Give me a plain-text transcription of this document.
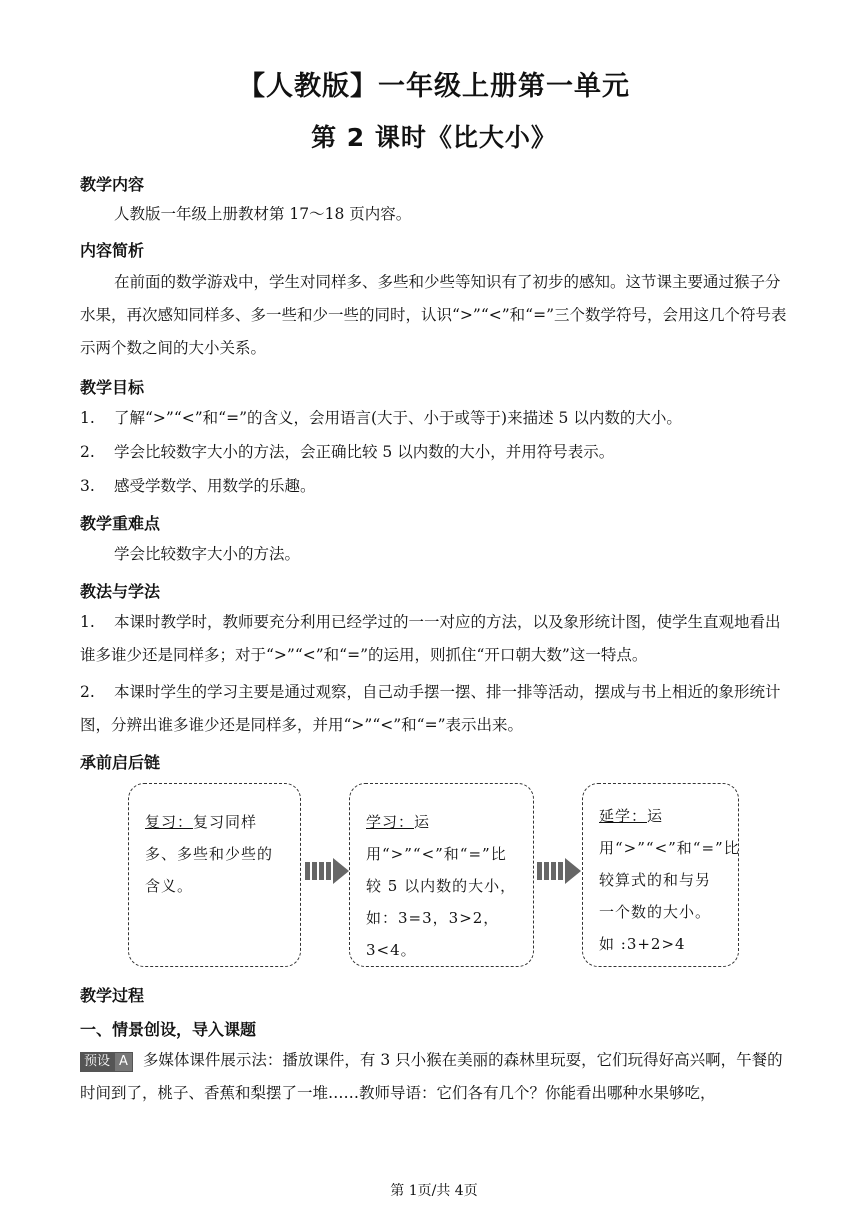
【人教版】一年级上册第一单元
第 2 课时《比大小》
教学内容
人教版一年级上册教材第 17～18 页内容。
内容简析
在前面的数学游戏中，学生对同样多、多些和少些等知识有了初步的感知。这节课主要通过猴子分水果，再次感知同样多、多一些和少一些的同时，认识“>”“<”和“=”三个数学符号，会用这几个符号表示两个数之间的大小关系。
教学目标
1. 了解“>”“<”和“=”的含义，会用语言(大于、小于或等于)来描述 5 以内数的大小。
2. 学会比较数字大小的方法，会正确比较 5 以内数的大小，并用符号表示。
3. 感受学数学、用数学的乐趣。
教学重难点
学会比较数字大小的方法。
教法与学法
1. 本课时教学时，教师要充分利用已经学过的一一对应的方法，以及象形统计图，使学生直观地看出谁多谁少还是同样多；对于“>”“<”和“=”的运用，则抓住“开口朝大数”这一特点。
2. 本课时学生的学习主要是通过观察，自己动手摆一摆、排一排等活动，摆成与书上相近的象形统计图，分辨出谁多谁少还是同样多，并用“>”“<”和“=”表示出来。
承前启后链
复习：复习同样多、多些和少些的含义。
学习：运用“>”“<”和“=”比较 5 以内数的大小，如：3=3，3>2，3<4。
延学：运用“>”“<”和“=”比较算式的和与另一个数的大小。如 :3+2>4
教学过程
一、情景创设，导入课题
预设 A 多媒体课件展示法：播放课件，有 3 只小猴在美丽的森林里玩耍，它们玩得好高兴啊，午餐的时间到了，桃子、香蕉和梨摆了一堆……教师导语：它们各有几个？你能看出哪种水果够吃，
第 1页/共 4页
